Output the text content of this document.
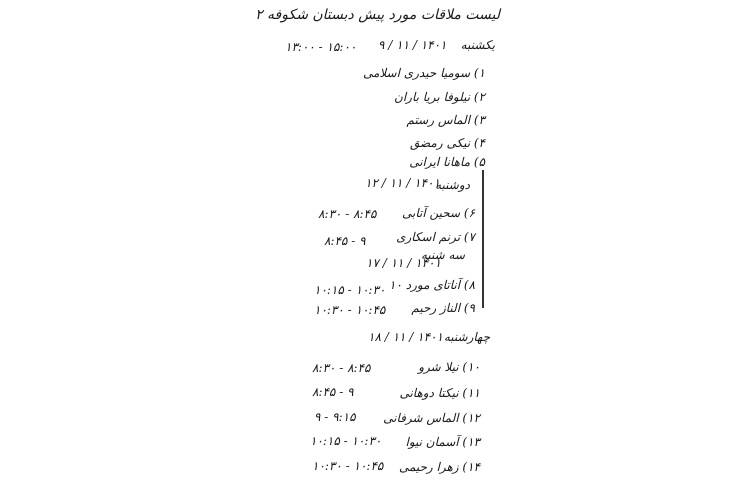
لیست ملاقات مورد پیش دبستان شکوفه ۲
یکشنبه
۹ / ۱۱ / ۱۴۰۱
۱۳:۰۰ - ۱۵:۰۰
۱) سومیا حیدری اسلامی
۲) نیلوفا بریا باران
۳) الماس رستم
۴) نیکی رمضق
۵) ماهانا ایرانی
دوشنبه
۱۲ / ۱۱ / ۱۴۰۱
۶) سحین آتابی
۸:۳۰ - ۸:۴۵
۷) ترنم اسکاری
۸:۴۵ - ۹
سه شنبه
۱۷ / ۱۱ / ۱۴۰۱
۸) آناتای مورد ۱۰
۱۰:۱۵ - ۱۰:۳۰
۹) الناز رحیم
۱۰:۳۰ - ۱۰:۴۵
چهارشنبه
۱۸ / ۱۱ / ۱۴۰۱
۱۰) نیلا شرو
۸:۳۰ - ۸:۴۵
۱۱) نیکتا دوهانی
۸:۴۵ - ۹
۱۲) الماس شرفانی
۹ - ۹:۱۵
۱۳) آسمان نیوا
۱۰:۱۵ - ۱۰:۳۰
۱۴) زهرا رحیمی
۱۰:۳۰ - ۱۰:۴۵
